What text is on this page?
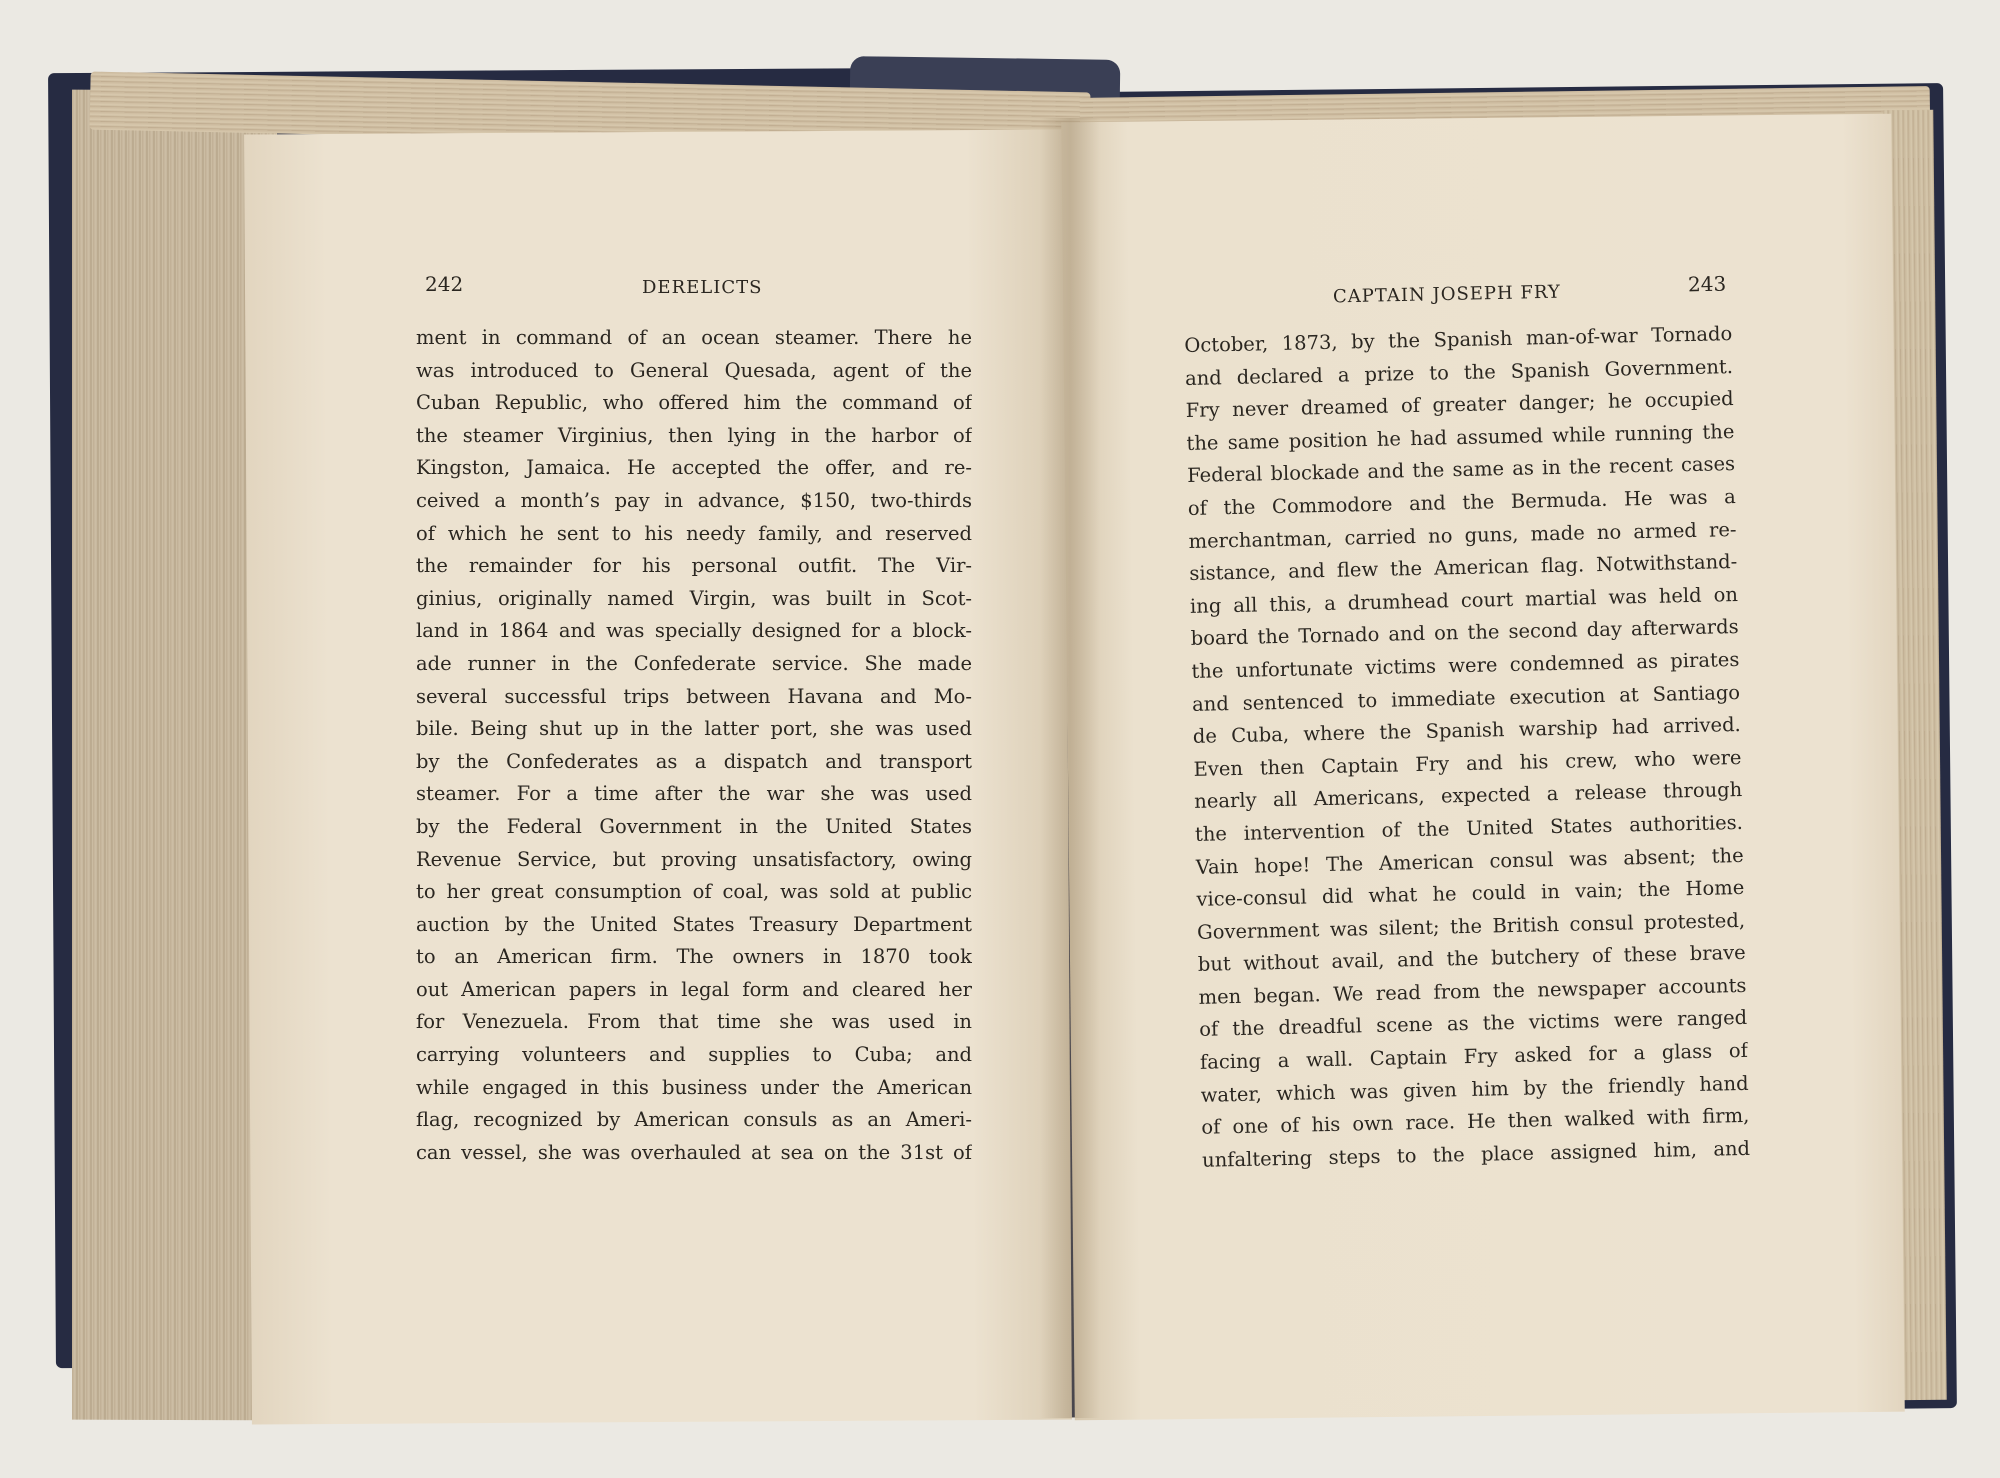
242	DERELICTS	CAPTAIN JOSEPH FRY	243
ment in command of an ocean steamer. There he
was introduced to General Quesada, agent of the
Cuban Republic, who offered him the command of
the steamer Virginius, then lying in the harbor of
Kingston, Jamaica. He accepted the offer, and re-
ceived a month’s pay in advance, $150, two-thirds
of which he sent to his needy family, and reserved
the remainder for his personal outfit. The Vir-
ginius, originally named Virgin, was built in Scot-
land in 1864 and was specially designed for a block-
ade runner in the Confederate service. She made
several successful trips between Havana and Mo-
bile. Being shut up in the latter port, she was used
by the Confederates as a dispatch and transport
steamer. For a time after the war she was used
by the Federal Government in the United States
Revenue Service, but proving unsatisfactory, owing
to her great consumption of coal, was sold at public
auction by the United States Treasury Department
to an American firm. The owners in 1870 took
out American papers in legal form and cleared her
for Venezuela. From that time she was used in
carrying volunteers and supplies to Cuba; and
while engaged in this business under the American
flag, recognized by American consuls as an Ameri-
can vessel, she was overhauled at sea on the 31st of
October, 1873, by the Spanish man-of-war Tornado
and declared a prize to the Spanish Government.
Fry never dreamed of greater danger; he occupied
the same position he had assumed while running the
Federal blockade and the same as in the recent cases
of the Commodore and the Bermuda. He was a
merchantman, carried no guns, made no armed re-
sistance, and flew the American flag. Notwithstand-
ing all this, a drumhead court martial was held on
board the Tornado and on the second day afterwards
the unfortunate victims were condemned as pirates
and sentenced to immediate execution at Santiago
de Cuba, where the Spanish warship had arrived.
Even then Captain Fry and his crew, who were
nearly all Americans, expected a release through
the intervention of the United States authorities.
Vain hope! The American consul was absent; the
vice-consul did what he could in vain; the Home
Government was silent; the British consul protested,
but without avail, and the butchery of these brave
men began. We read from the newspaper accounts
of the dreadful scene as the victims were ranged
facing a wall. Captain Fry asked for a glass of
water, which was given him by the friendly hand
of one of his own race. He then walked with firm,
unfaltering steps to the place assigned him, and
